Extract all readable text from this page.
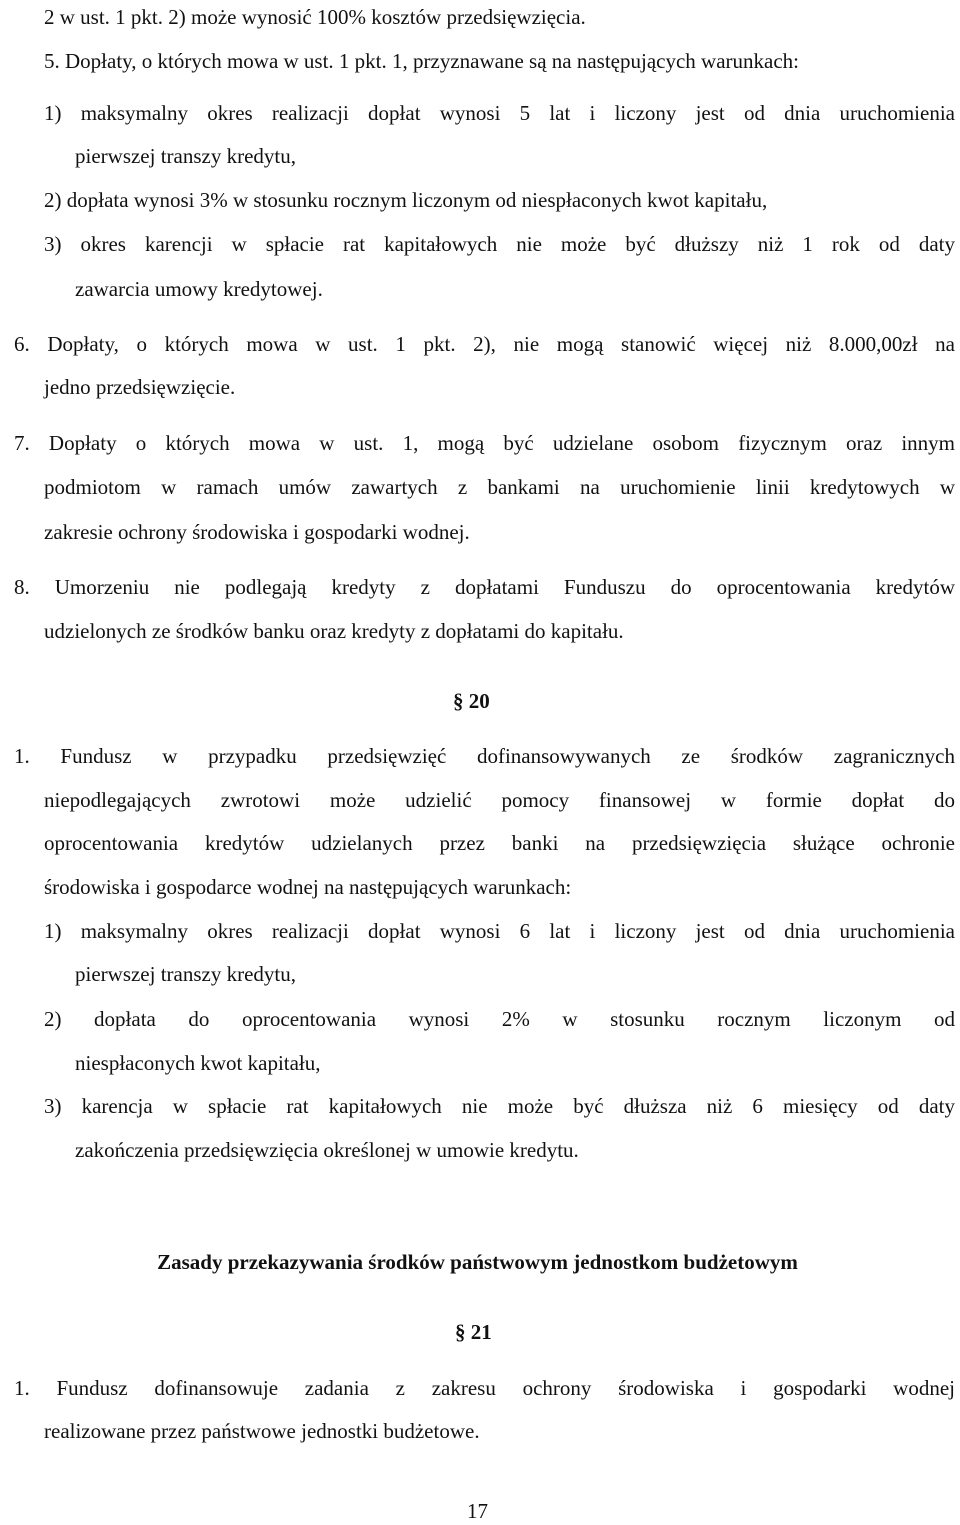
2 w ust. 1 pkt. 2) może wynosić 100% kosztów przedsięwzięcia.
5. Dopłaty, o których mowa w ust. 1 pkt. 1, przyznawane są na następujących warunkach:
1) maksymalny okres realizacji dopłat wynosi 5 lat i liczony jest od dnia uruchomienia
pierwszej transzy kredytu,
2) dopłata wynosi 3% w stosunku rocznym liczonym od niespłaconych kwot kapitału,
3) okres karencji w spłacie rat kapitałowych nie może być dłuższy niż 1 rok od daty
zawarcia umowy kredytowej.
6. Dopłaty, o których mowa w ust. 1 pkt. 2), nie mogą stanowić więcej niż 8.000,00zł na
jedno przedsięwzięcie.
7. Dopłaty o których mowa w ust. 1, mogą być udzielane osobom fizycznym oraz innym
podmiotom w ramach umów zawartych z bankami na uruchomienie linii kredytowych w
zakresie ochrony środowiska i gospodarki wodnej.
8. Umorzeniu nie podlegają kredyty z dopłatami Funduszu do oprocentowania kredytów
udzielonych ze środków banku oraz kredyty z dopłatami do kapitału.
§ 20
1. Fundusz w przypadku przedsięwzięć dofinansowywanych ze środków zagranicznych
niepodlegających zwrotowi może udzielić pomocy finansowej w formie dopłat do
oprocentowania kredytów udzielanych przez banki na przedsięwzięcia służące ochronie
środowiska i gospodarce wodnej na następujących warunkach:
1) maksymalny okres realizacji dopłat wynosi 6 lat i liczony jest od dnia uruchomienia
pierwszej transzy kredytu,
2) dopłata do oprocentowania wynosi 2% w stosunku rocznym liczonym od
niespłaconych kwot kapitału,
3) karencja w spłacie rat kapitałowych nie może być dłuższa niż 6 miesięcy od daty
zakończenia przedsięwzięcia określonej w umowie kredytu.
Zasady przekazywania środków państwowym jednostkom budżetowym
§ 21
1. Fundusz dofinansowuje zadania z zakresu ochrony środowiska i gospodarki wodnej
realizowane przez państwowe jednostki budżetowe.
17
